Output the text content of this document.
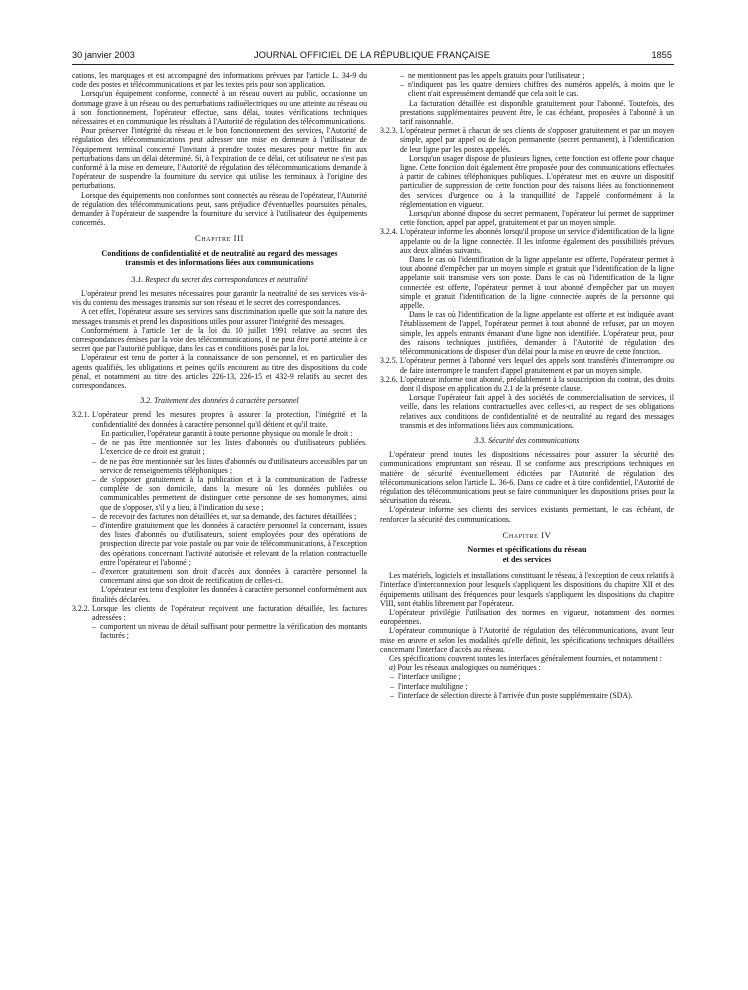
30 janvier 2003	JOURNAL OFFICIEL DE LA RÉPUBLIQUE FRANÇAISE	1855

cations, les marquages et est accompagné des informations prévues par l'article L. 34-9 du code des postes et télécommunications et par les textes pris pour son application.

Lorsqu'un équipement conforme, connecté à un réseau ouvert au public, occasionne un dommage grave à un réseau ou des perturbations radioélectriques ou une atteinte au réseau ou à son fonctionnement, l'opérateur effectue, sans délai, toutes vérifications techniques nécessaires et en communique les résultats à l'Autorité de régulation des télécommunications.

Pour préserver l'intégrité du réseau et le bon fonctionnement des services, l'Autorité de régulation des télécommunications peut adresser une mise en demeure à l'utilisateur de l'équipement terminal concerné l'invitant à prendre toutes mesures pour mettre fin aux perturbations dans un délai déterminé. Si, à l'expiration de ce délai, cet utilisateur ne s'est pas conformé à la mise en demeure, l'Autorité de régulation des télécommunications demande à l'opérateur de suspendre la fourniture du service qui utilise les terminaux à l'origine des perturbations.

Lorsque des équipements non conformes sont connectés au réseau de l'opérateur, l'Autorité de régulation des télécommunications peut, sans préjudice d'éventuelles poursuites pénales, demander à l'opérateur de suspendre la fourniture du service à l'utilisateur des équipements concernés.

Chapitre III
Conditions de confidentialité et de neutralité au regard des messages transmis et des informations liées aux communications
3.1. Respect du secret des correspondances et neutralité

L'opérateur prend les mesures nécessaires pour garantir la neutralité de ses services vis-à-vis du contenu des messages transmis sur son réseau et le secret des correspondances.

A cet effet, l'opérateur assure ses services sans discrimination quelle que soit la nature des messages transmis et prend les dispositions utiles pour assurer l'intégrité des messages.

Conformément à l'article 1er de la loi du 10 juillet 1991 relative au secret des correspondances émises par la voie des télécommunications, il ne peut être porté atteinte à ce secret que par l'autorité publique, dans les cas et conditions posés par la loi.

L'opérateur est tenu de porter à la connaissance de son personnel, et en particulier des agents qualifiés, les obligations et peines qu'ils encourent au titre des dispositions du code pénal, et notamment au titre des articles 226-13, 226-15 et 432-9 relatifs au secret des correspondances.

3.2. Traitement des données à caractère personnel
3.2.1. L'opérateur prend les mesures propres à assurer la protection, l'intégrité et la confidentialité des données à caractère personnel qu'il détient et qu'il traite.

En particulier, l'opérateur garantit à toute personne physique ou morale le droit :

– de ne pas être mentionnée sur les listes d'abonnés ou d'utilisateurs publiées. L'exercice de ce droit est gratuit ;
– de ne pas être mentionnée sur les listes d'abonnés ou d'utilisateurs accessibles par un service de renseignements téléphoniques ;
– de s'opposer gratuitement à la publication et à la communication de l'adresse complète de son domicile, dans la mesure où les données publiées ou communicables permettent de distinguer cette personne de ses homonymes, ainsi que de s'opposer, s'il y a lieu, à l'indication du sexe ;
– de recevoir des factures non détaillées et, sur sa demande, des factures détaillées ;
– d'interdire gratuitement que les données à caractère personnel la concernant, issues des listes d'abonnés ou d'utilisateurs, soient employées pour des opérations de prospection directe par voie postale ou par voie de télécommunications, à l'exception des opérations concernant l'activité autorisée et relevant de la relation contractuelle entre l'opérateur et l'abonné ;
– d'exercer gratuitement son droit d'accès aux données à caractère personnel la concernant ainsi que son droit de rectification de celles-ci.

L'opérateur est tenu d'exploiter les données à caractère personnel conformément aux finalités déclarées.

3.2.2. Lorsque les clients de l'opérateur reçoivent une facturation détaillée, les factures adressées :
– comportent un niveau de détail suffisant pour permettre la vérification des montants facturés ;
– ne mentionnent pas les appels gratuits pour l'utilisateur ;
– n'indiquent pas les quatre derniers chiffres des numéros appelés, à moins que le client n'ait expressément demandé que cela soit le cas.

La facturation détaillée est disponible gratuitement pour l'abonné. Toutefois, des prestations supplémentaires peuvent être, le cas échéant, proposées à l'abonné à un tarif raisonnable.

3.2.3. L'opérateur permet à chacun de ses clients de s'opposer gratuitement et par un moyen simple, appel par appel ou de façon permanente (secret permanent), à l'identification de leur ligne par les postes appelés.

Lorsqu'un usager dispose de plusieurs lignes, cette fonction est offerte pour chaque ligne. Cette fonction doit également être proposée pour des communications effectuées à partir de cabines téléphoniques publiques. L'opérateur met en œuvre un dispositif particulier de suppression de cette fonction pour des raisons liées au fonctionnement des services d'urgence ou à la tranquillité de l'appelé conformément à la réglementation en vigueur.

Lorsqu'un abonné dispose du secret permanent, l'opérateur lui permet de supprimer cette fonction, appel par appel, gratuitement et par un moyen simple.

3.2.4. L'opérateur informe les abonnés lorsqu'il propose un service d'identification de la ligne appelante ou de la ligne connectée. Il les informe également des possibilités prévues aux deux alinéas suivants.

Dans le cas où l'identification de la ligne appelante est offerte, l'opérateur permet à tout abonné d'empêcher par un moyen simple et gratuit que l'identification de la ligne appelante soit transmise vers son poste. Dans le cas où l'identification de la ligne connectée est offerte, l'opérateur permet à tout abonné d'empêcher par un moyen simple et gratuit l'identification de la ligne connectée auprès de la personne qui appelle.

Dans le cas où l'identification de la ligne appelante est offerte et est indiquée avant l'établissement de l'appel, l'opérateur permet à tout abonné de refuser, par un moyen simple, les appels entrants émanant d'une ligne non identifiée. L'opérateur peut, pour des raisons techniques justifiées, demander à l'Autorité de régulation des télécommunications de disposer d'un délai pour la mise en œuvre de cette fonction.

3.2.5. L'opérateur permet à l'abonné vers lequel des appels sont transférés d'interrompre ou de faire interrompre le transfert d'appel gratuitement et par un moyen simple.
3.2.6. L'opérateur informe tout abonné, préalablement à la souscription du contrat, des droits dont il dispose en application du 2.1 de la présente clause.

Lorsque l'opérateur fait appel à des sociétés de commercialisation de services, il veille, dans les relations contractuelles avec celles-ci, au respect de ses obligations relatives aux conditions de confidentialité et de neutralité au regard des messages transmis et des informations liées aux communications.

3.3. Sécurité des communications

L'opérateur prend toutes les dispositions nécessaires pour assurer la sécurité des communications empruntant son réseau. Il se conforme aux prescriptions techniques en matière de sécurité éventuellement édictées par l'Autorité de régulation des télécommunications selon l'article L. 36-6. Dans ce cadre et à titre confidentiel, l'Autorité de régulation des télécommunications peut se faire communiquer les dispositions prises pour la sécurisation du réseau.

L'opérateur informe ses clients des services existants permettant, le cas échéant, de renforcer la sécurité des communications.

Chapitre IV
Normes et spécifications du réseau
et des services

Les matériels, logiciels et installations constituant le réseau, à l'exception de ceux relatifs à l'interface d'interconnexion pour lesquels s'appliquent les dispositions du chapitre XII et des équipements utilisant des fréquences pour lesquels s'appliquent les dispositions du chapitre VIII, sont établis librement par l'opérateur.

L'opérateur privilégie l'utilisation des normes en vigueur, notamment des normes européennes.

L'opérateur communique à l'Autorité de régulation des télécommunications, avant leur mise en œuvre et selon les modalités qu'elle définit, les spécifications techniques détaillées concernant l'interface d'accès au réseau.

Ces spécifications couvrent toutes les interfaces généralement fournies, et notamment :

a) Pour les réseaux analogiques ou numériques :

– l'interface uniligne ;
– l'interface multiligne ;
– l'interface de sélection directe à l'arrivée d'un poste supplémentaire (SDA).
